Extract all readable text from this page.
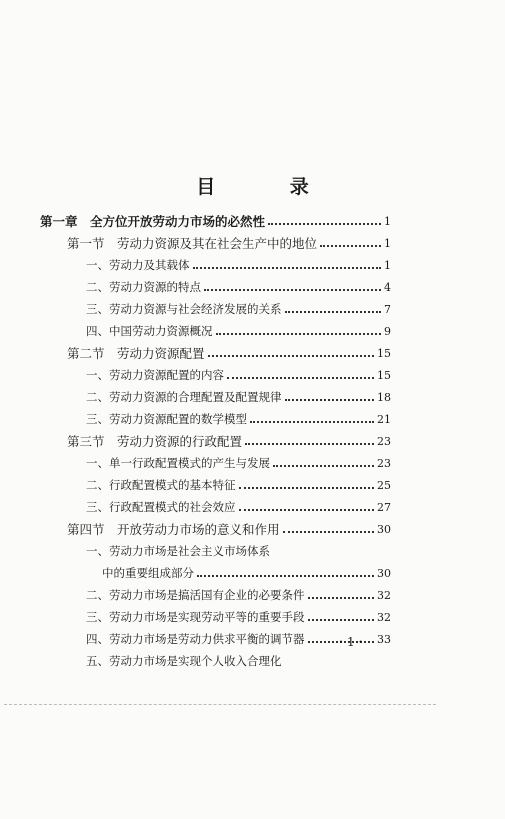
目 录
第一章　全方位开放劳动力市场的必然性	1
第一节　劳动力资源及其在社会生产中的地位	1
一、劳动力及其载体	1
二、劳动力资源的特点	4
三、劳动力资源与社会经济发展的关系	7
四、中国劳动力资源概况	9
第二节　劳动力资源配置	15
一、劳动力资源配置的内容	15
二、劳动力资源的合理配置及配置规律	18
三、劳动力资源配置的数学模型	21
第三节　劳动力资源的行政配置	23
一、单一行政配置模式的产生与发展	23
二、行政配置模式的基本特征	25
三、行政配置模式的社会效应	27
第四节　开放劳动力市场的意义和作用	30
一、劳动力市场是社会主义市场体系
中的重要组成部分	30
二、劳动力市场是搞活国有企业的必要条件	32
三、劳动力市场是实现劳动平等的重要手段	32
四、劳动力市场是劳动力供求平衡的调节器	33
五、劳动力市场是实现个人收入合理化
・1・
